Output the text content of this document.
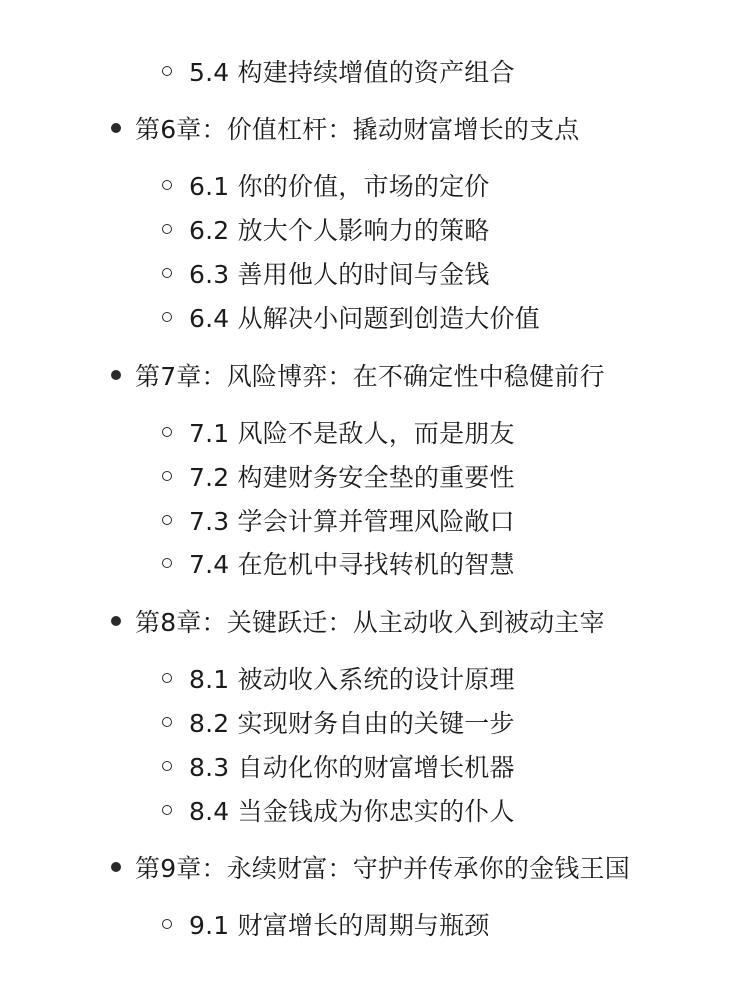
5.4 构建持续增值的资产组合
第6章：价值杠杆：撬动财富增长的支点
6.1 你的价值，市场的定价
6.2 放大个人影响力的策略
6.3 善用他人的时间与金钱
6.4 从解决小问题到创造大价值
第7章：风险博弈：在不确定性中稳健前行
7.1 风险不是敌人，而是朋友
7.2 构建财务安全垫的重要性
7.3 学会计算并管理风险敞口
7.4 在危机中寻找转机的智慧
第8章：关键跃迁：从主动收入到被动主宰
8.1 被动收入系统的设计原理
8.2 实现财务自由的关键一步
8.3 自动化你的财富增长机器
8.4 当金钱成为你忠实的仆人
第9章：永续财富：守护并传承你的金钱王国
9.1 财富增长的周期与瓶颈
